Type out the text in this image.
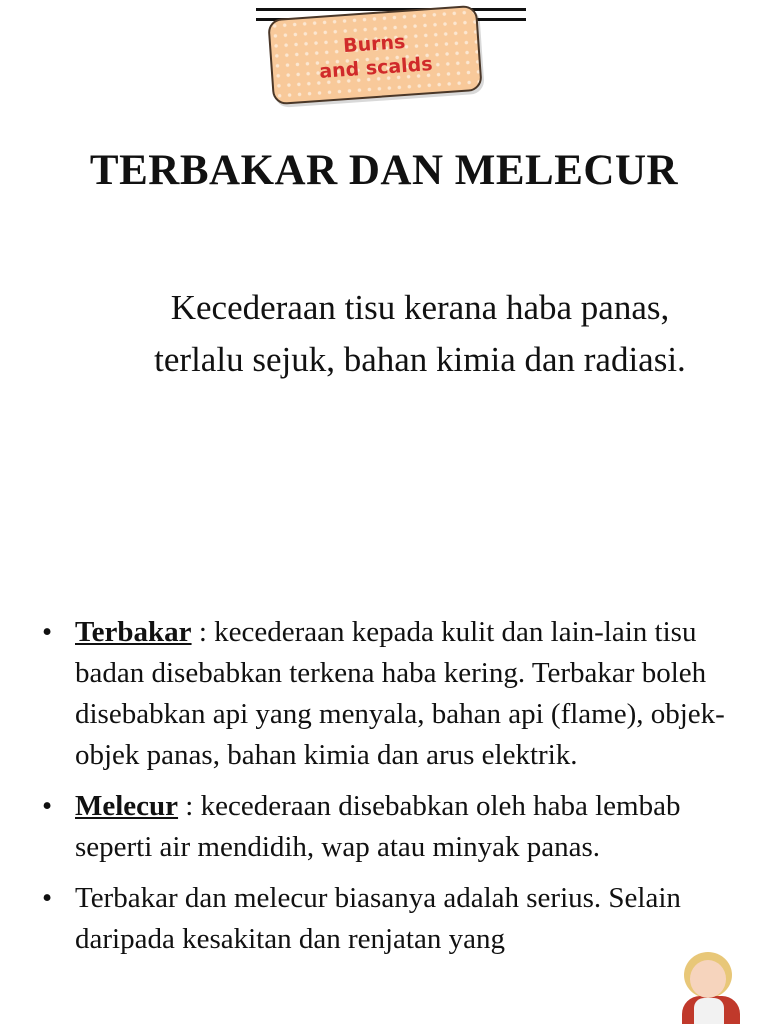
Burns
and scalds
TERBAKAR DAN MELECUR

Kecederaan tisu kerana haba panas, terlalu sejuk, bahan kimia dan radiasi.

• Terbakar : kecederaan kepada kulit dan lain-lain tisu badan disebabkan terkena haba kering. Terbakar boleh disebabkan api yang menyala, bahan api (flame), objek-objek panas, bahan kimia dan arus elektrik.
• Melecur : kecederaan disebabkan oleh haba lembab seperti air mendidih, wap atau minyak panas.
• Terbakar dan melecur biasanya adalah serius. Selain daripada kesakitan dan renjatan yang
